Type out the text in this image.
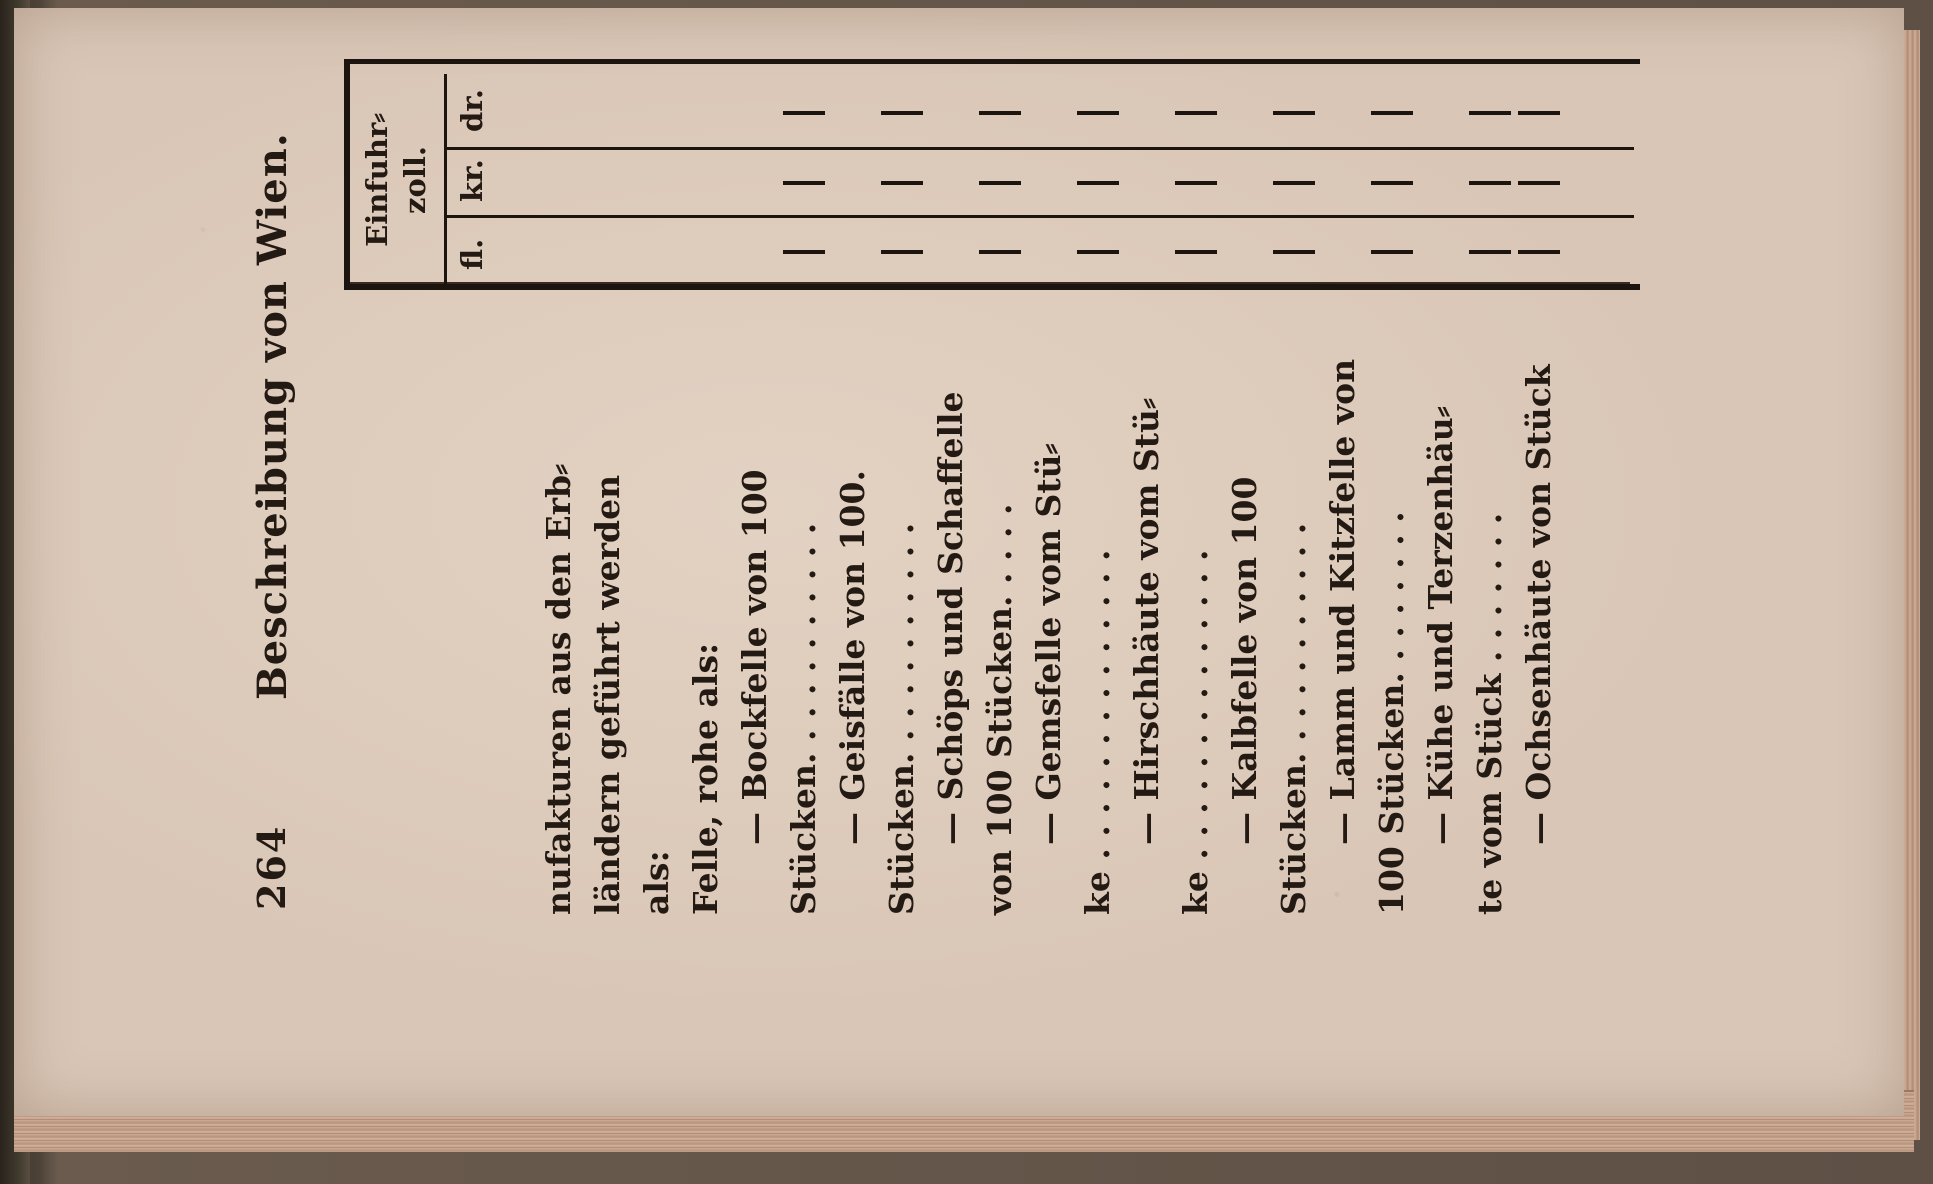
264
Beschreibung von Wien.	nufakturen aus den Erb⸗ ländern geführt werden als: Felle, rohe als: — Bockfelle von 100 Stücken. . . . . . . . . . . — Geisfälle von 100. Stücken. . . . . . . . . . . — Schöps und Schaffelle von 100 Stücken. . . . . — Gemsfelle vom Stü⸗ ke . . . . . . . . . . . . . . — Hirschhäute vom Stü⸗ ke . . . . . . . . . . . . . . — Kalbfelle von 100 Stücken. . . . . . . . . . . — Lamm und Kitzfelle von 100 Stücken. . . . . . . . — Kühe und Terzenhäu⸗ te vom Stück . . . . . . . — Ochsenhäute von Stück
Einfuhr⸗ zoll.
fl.
kr.
dr.
